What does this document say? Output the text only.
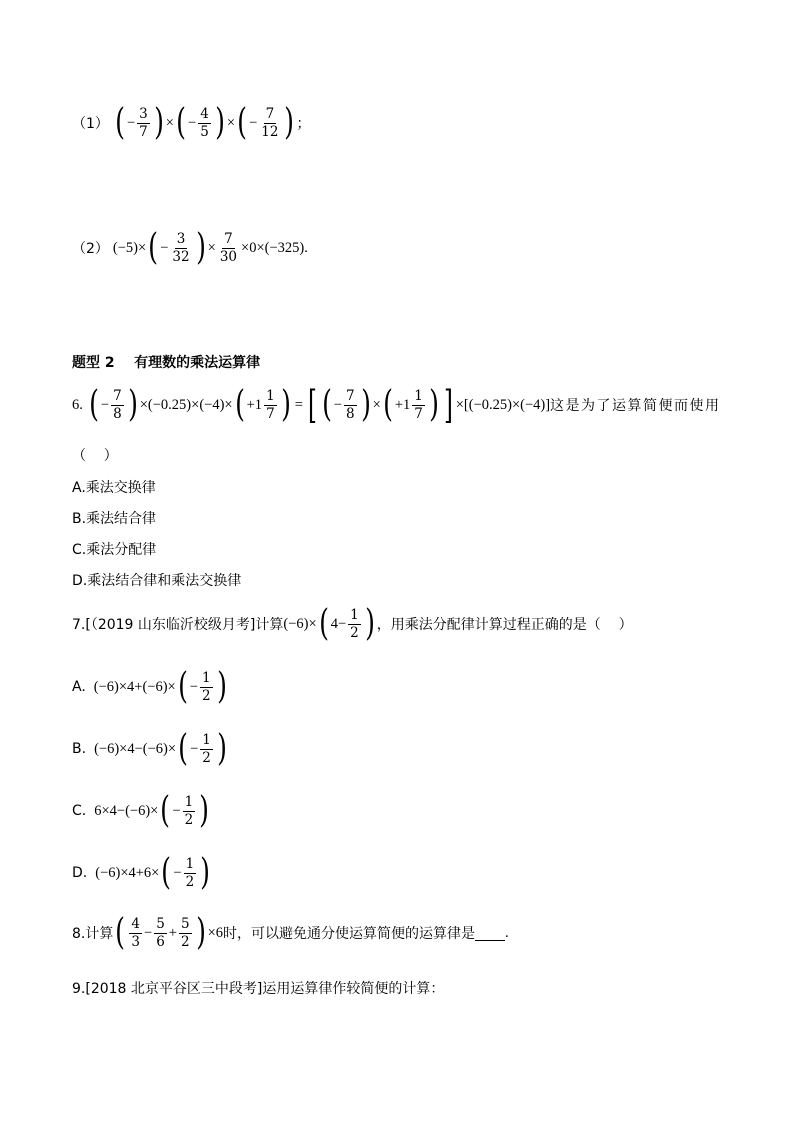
（1） ( − $\frac{3}{7}$ ) × ( − $\frac{4}{5}$ ) × ( − $\frac{7}{12}$ ) ；
（2） (−5)× ( − $\frac{3}{32}$ ) × $\frac{7}{30} \times 0\times(-325)$ .
题型 2    有理数的乘法运算律
6. ( − $\frac{7}{8}$ ) ×(−0.25)×(−4)× ( $+1 \frac{1}{7}$ ) = [ ( − $\frac{7}{8}$ ) × ( $+1 \frac{1}{7}$ ) ] ×[(−0.25)×(−4)] 这是为了运算简便而使用
（    ）
A.乘法交换律
B.乘法结合律
C.乘法分配律
D.乘法结合律和乘法交换律
7.[（2019 山东临沂校级月考]计算 (−6)× ( $4- \frac{1}{2}$ ) ，用乘法分配律计算过程正确的是（    ）
A. (−6)×4+(−6)× ( − $\frac{1}{2}$ )
B. (−6)×4−(−6)× ( − $\frac{1}{2}$ )
C. 6×4−(−6)× ( − $\frac{1}{2}$ )
D. (−6)×4+6× ( − $\frac{1}{2}$ )
8.计算 ( $\frac{4}{3} - \frac{5}{6} + \frac{5}{2}$ ) ×6 时，可以避免通分使运算简便的运算律是 .
9.[2018 北京平谷区三中段考]运用运算律作较简便的计算：
